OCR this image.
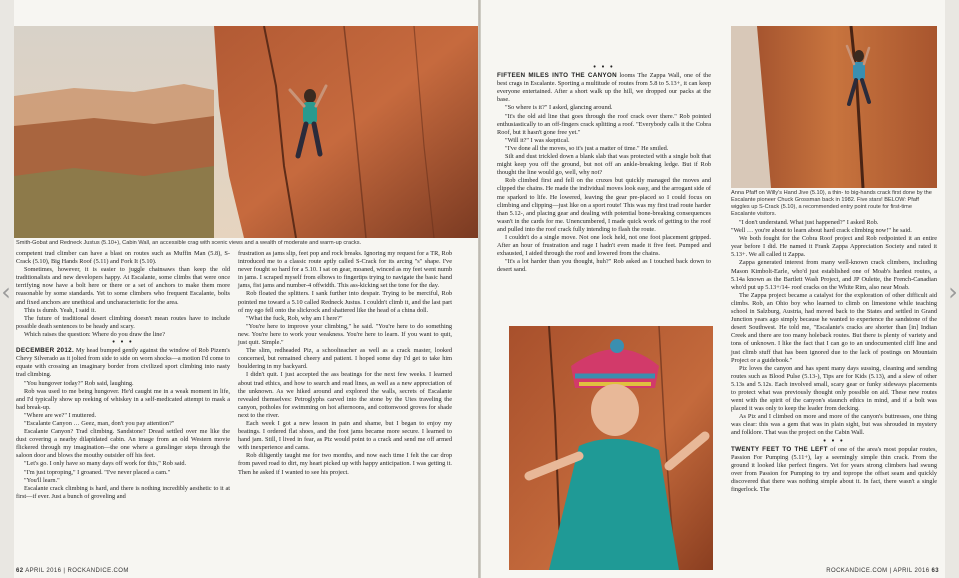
‹	›
Smith-Gobat and Redneck Justus (5.10+), Cabin Wall, an accessible crag with scenic views and a wealth of moderate and warm-up cracks.

competent trad climber can have a blast on routes such as Muffin Man (5.8), S-Crack (5.10), Big Hands Roof (5.11) and Fork It (5.10).

Sometimes, however, it is easier to juggle chainsaws than keep the old traditionalists and new developers happy. At Escalante, some climbs that were once terrifying now have a bolt here or there or a set of anchors to make them more reasonable by some standards. Yet to some climbers who frequent Escalante, bolts and fixed anchors are unethical and uncharacteristic for the area.

This is dumb. Yeah, I said it.

The future of traditional desert climbing doesn't mean routes have to include possible death sentences to be heady and scary.

Which raises the question: Where do you draw the line?

• • •

DECEMBER 2012. My head bumped gently against the window of Rob Pizem's Chevy Silverado as it jolted from side to side on worn shocks—a motion I'd come to equate with crossing an imaginary border from civilized sport climbing into nasty trad climbing.

"You hungover today?" Rob said, laughing.

Rob was used to me being hungover. He'd caught me in a weak moment in life, and I'd typically show up reeking of whiskey in a self-medicated attempt to mask a bad break-up.

"Where are we?" I muttered.

"Escalante Canyon … Geez, man, don't you pay attention?"

Escalante Canyon? Trad climbing. Sandstone? Dread settled over me like the dust covering a nearby dilapidated cabin. An image from an old Western movie flickered through my imagination—the one where a gunslinger steps through the saloon door and blows the mouthy outsider off his feet.

"Let's go. I only have so many days off work for this," Rob said.

"I'm just toproping," I groaned. "I've never placed a cam."

"You'll learn."

Escalante crack climbing is hard, and there is nothing incredibly aesthetic to it at first—if ever. Just a bunch of groveling and

frustration as jams slip, feet pop and rock breaks. Ignoring my request for a TR, Rob introduced me to a classic route aptly called S-Crack for its arcing "s" shape. I've never fought so hard for a 5.10. I sat on gear, moaned, winced as my feet went numb in jams. I scraped myself from elbows to fingertips trying to navigate the basic hand jams, fist jams and number-4 offwidth. This ass-kicking set the tone for the day.

Rob floated the splitters. I sank further into despair. Trying to be merciful, Rob pointed me toward a 5.10 called Redneck Justus. I couldn't climb it, and the last part of my ego fell onto the slickrock and shattered like the head of a china doll.

"What the fuck, Rob, why am I here?"

"You're here to improve your climbing," he said. "You're here to do something new. You're here to work your weakness. You're here to learn. If you want to quit, just quit. Simple."

The slim, redheaded Piz, a schoolteacher as well as a crack master, looked concerned, but remained cheery and patient. I hoped some day I'd get to take him bouldering in my backyard.

I didn't quit. I just accepted the ass beatings for the next few weeks. I learned about trad ethics, and how to search and read lines, as well as a new appreciation of the unknown. As we hiked around and explored the walls, secrets of Escalante revealed themselves: Petroglyphs carved into the stone by the Utes traveling the canyon, potholes for swimming on hot afternoons, and cottonwood groves for shade next to the river.

Each week I got a new lesson in pain and shame, but I began to enjoy my beatings. I ordered flat shoes, and the foot jams became more secure. I learned to hand jam. Still, I lived in fear, as Piz would point to a crack and send me off armed with inexperience and cams.

Rob diligently taught me for two months, and now each time I felt the car drop from paved road to dirt, my heart picked up with happy anticipation. I was getting it. Then he asked if I wanted to see his project.

62 APRIL 2016 | ROCKANDICE.COM

• • •

FIFTEEN MILES INTO THE CANYON looms The Zappa Wall, one of the best crags in Escalante. Sporting a multitude of routes from 5.8 to 5.13+, it can keep everyone entertained. After a short walk up the hill, we dropped our packs at the base.

"So where is it?" I asked, glancing around.

"It's the old aid line that goes through the roof crack over there." Rob pointed enthusiastically to an off-fingers crack splitting a roof. "Everybody calls it the Cobra Roof, but it hasn't gone free yet."

"Will it?" I was skeptical.

"I've done all the moves, so it's just a matter of time." He smiled.

Silt and dust trickled down a blank slab that was protected with a single bolt that might keep you off the ground, but not off an ankle-breaking ledge. But if Rob thought the line would go, well, why not?

Rob climbed first and fell on the cruxes but quickly managed the moves and clipped the chains. He made the individual moves look easy, and the arrogant side of me sparked to life. He lowered, leaving the gear pre-placed so I could focus on climbing and clipping—just like on a sport route! This was my first trad route harder than 5.12-, and placing gear and dealing with potential bone-breaking consequences wasn't in the cards for me. Unencumbered, I made quick work of getting to the roof and pulled into the roof crack fully intending to flash the route.

I couldn't do a single move. Not one lock held, not one foot placement gripped. After an hour of frustration and rage I hadn't even made it five feet. Pumped and exhausted, I aided through the roof and lowered from the chains.

"It's a lot harder than you thought, huh?" Rob asked as I touched back down to desert sand.

Anna Pfaff on Willy's Hand Jive (5.10), a thin- to big-hands crack first done by the Escalante pioneer Chuck Grossman back in 1982. Five stars! BELOW: Pfaff wiggles up S-Crack (5.10), a recommended entry point route for first-time Escalante visitors.

"I don't understand. What just happened?" I asked Rob.

"Well … you're about to learn about hard crack climbing now!" he said.

We both fought for the Cobra Roof project and Rob redpointed it an entire year before I did. He named it Frank Zappa Appreciation Society and rated it 5.13+. We all called it Zappa.

Zappa generated interest from many well-known crack climbers, including Mason Kimbolt-Earle, who'd just established one of Moab's hardest routes, a 5.14a known as the Bartlett Wash Project, and JP Oulette, the French-Canadian who'd put up 5.13+/14- roof cracks on the White Rim, also near Moab.

The Zappa project became a catalyst for the exploration of other difficult aid climbs. Rob, an Ohio boy who learned to climb on limestone while teaching school in Salzburg, Austria, had moved back to the States and settled in Grand Junction years ago simply because he wanted to experience the sandstone of the desert Southwest. He told me, "Escalante's cracks are shorter than [in] Indian Creek and there are too many holeback routes. But there is plenty of variety and tons of unknown. I like the fact that I can go to an undocumented cliff line and just climb stuff that has been ignored due to the lack of postings on Mountain Project or a guidebook."

Piz loves the canyon and has spent many days sussing, cleaning and sending routes such as Blood Pulse (5.13-), Tips are for Kids (5.13), and a slew of other 5.13s and 5.12s. Each involved small, scary gear or funky sideways placements to protect what was previously thought only possible on aid. These new routes went with the spirit of the canyon's staunch ethics in mind, and if a bolt was placed it was only to keep the leader from decking.

As Piz and I climbed on more and more of the canyon's buttresses, one thing was clear: this was a gem that was in plain sight, but was shrouded in mystery and folklore. That was the project on the Cabin Wall.

• • •

TWENTY FEET TO THE LEFT of one of the area's most popular routes, Passion For Pumping (5.11+), lay a seemingly simple thin crack. From the ground it looked like perfect fingers. Yet for years strong climbers had swung over from Passion for Pumping to try and toprope the offset seam and quickly discovered that there was nothing simple about it. In fact, there wasn't a single fingerlock. The

ROCKANDICE.COM | APRIL 2016 63
